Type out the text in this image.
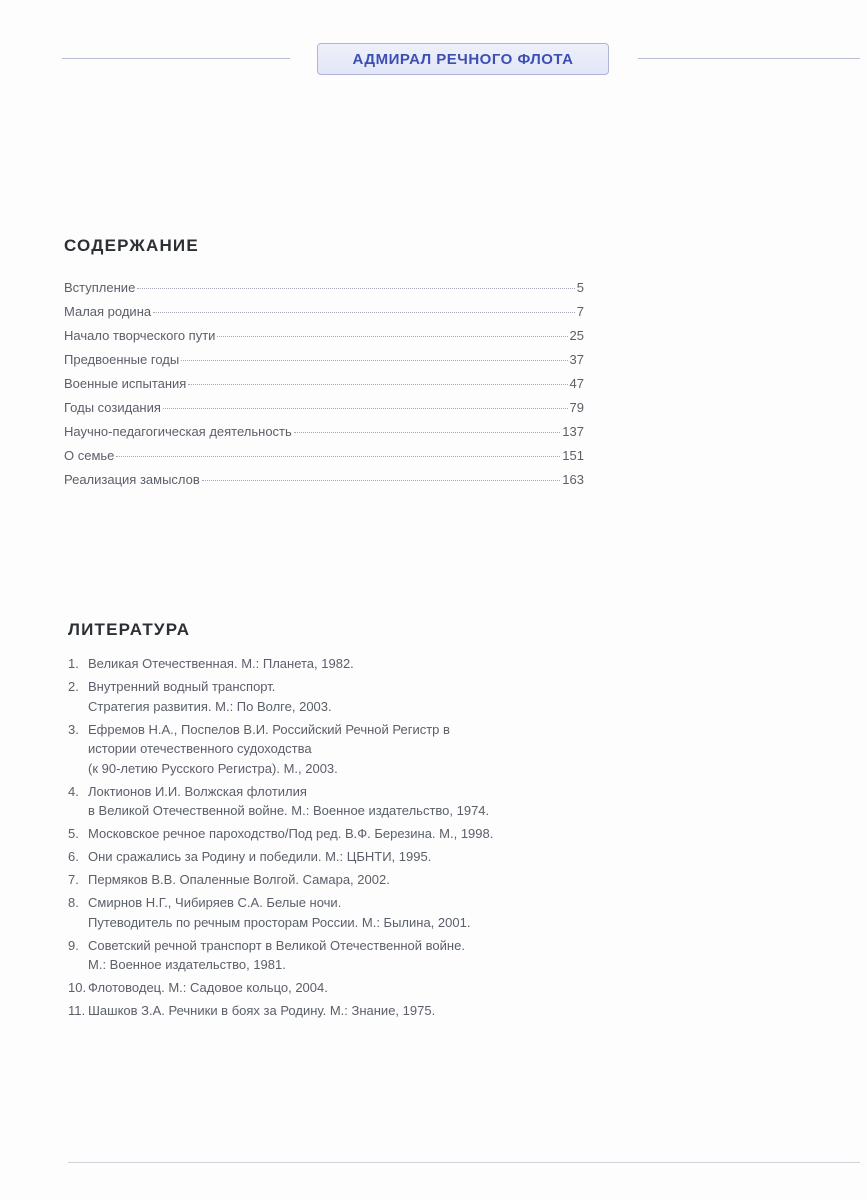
АДМИРАЛ РЕЧНОГО ФЛОТА
СОДЕРЖАНИЕ
Вступление	5
Малая родина	7
Начало творческого пути	25
Предвоенные годы	37
Военные испытания	47
Годы созидания	79
Научно-педагогическая деятельность	137
О семье	151
Реализация замыслов	163
ЛИТЕРАТУРА
1. Великая Отечественная. М.: Планета, 1982.
2. Внутренний водный транспорт.
Стратегия развития. М.: По Волге, 2003.
3. Ефремов Н.А., Поспелов В.И. Российский Речной Регистр в
истории отечественного судоходства
(к 90-летию Русского Регистра). М., 2003.
4. Локтионов И.И. Волжская флотилия
в Великой Отечественной войне. М.: Военное издательство, 1974.
5. Московское речное пароходство/Под ред. В.Ф. Березина. М., 1998.
6. Они сражались за Родину и победили. М.: ЦБНТИ, 1995.
7. Пермяков В.В. Опаленные Волгой. Самара, 2002.
8. Смирнов Н.Г., Чибиряев С.А. Белые ночи.
Путеводитель по речным просторам России. М.: Былина, 2001.
9. Советский речной транспорт в Великой Отечественной войне.
М.: Военное издательство, 1981.
10. Флотоводец. М.: Садовое кольцо, 2004.
11. Шашков З.А. Речники в боях за Родину. М.: Знание, 1975.
